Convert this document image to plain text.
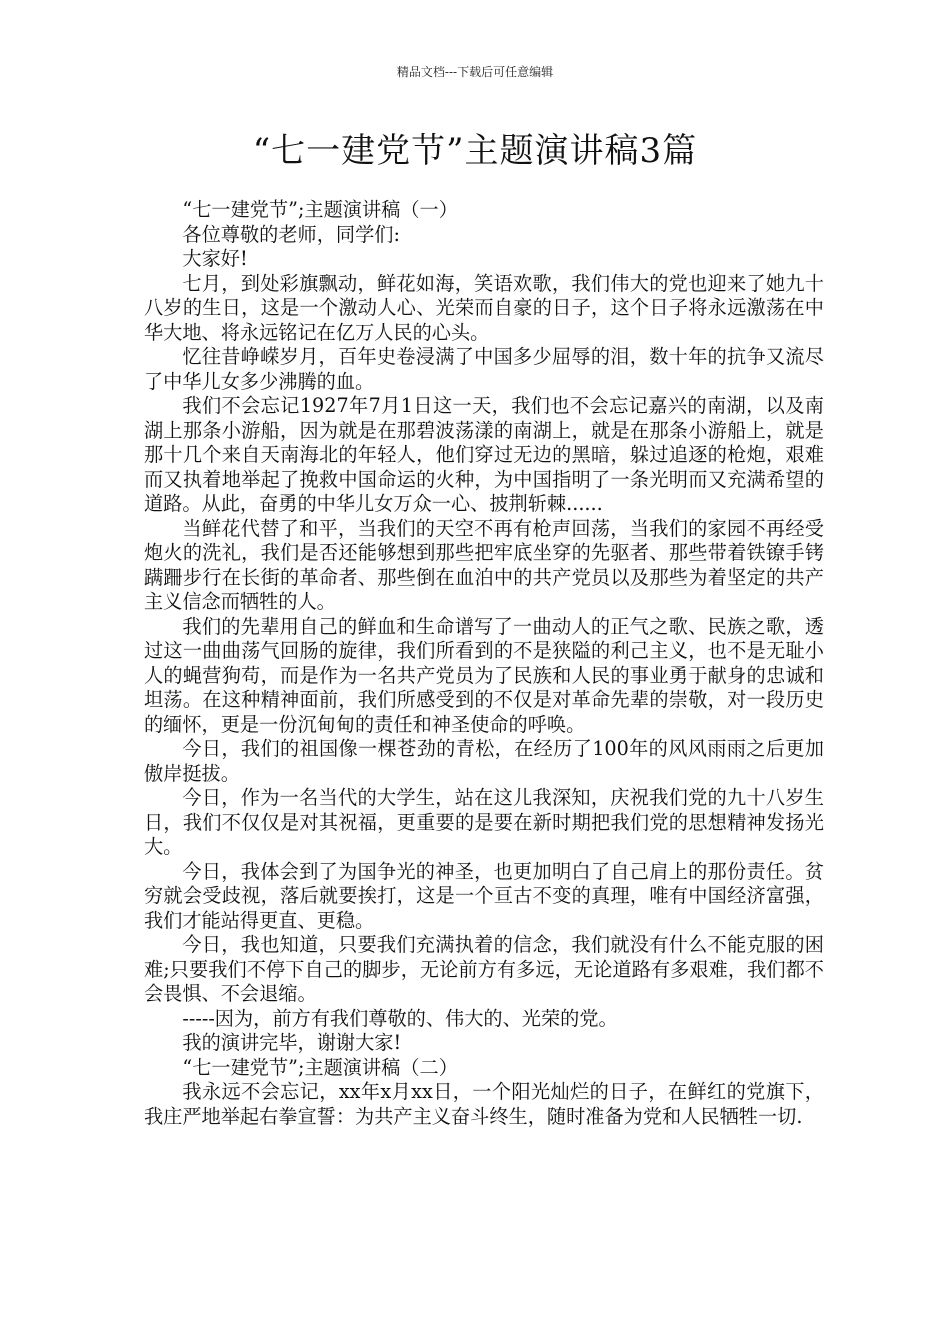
精品文档---下载后可任意编辑
“七一建党节”主题演讲稿3篇

“七一建党节”;主题演讲稿（一）

各位尊敬的老师，同学们:

大家好!

七月，到处彩旗飘动，鲜花如海，笑语欢歌，我们伟大的党也迎来了她九十八岁的生日，这是一个激动人心、光荣而自豪的日子，这个日子将永远激荡在中华大地、将永远铭记在亿万人民的心头。

忆往昔峥嵘岁月，百年史卷浸满了中国多少屈辱的泪，数十年的抗争又流尽了中华儿女多少沸腾的血。

我们不会忘记1927年7月1日这一天，我们也不会忘记嘉兴的南湖，以及南湖上那条小游船，因为就是在那碧波荡漾的南湖上，就是在那条小游船上，就是那十几个来自天南海北的年轻人，他们穿过无边的黑暗，躲过追逐的枪炮，艰难而又执着地举起了挽救中国命运的火种，为中国指明了一条光明而又充满希望的道路。从此，奋勇的中华儿女万众一心、披荆斩棘......

当鲜花代替了和平，当我们的天空不再有枪声回荡，当我们的家园不再经受炮火的洗礼，我们是否还能够想到那些把牢底坐穿的先驱者、那些带着铁镣手铐蹒跚步行在长街的革命者、那些倒在血泊中的共产党员以及那些为着坚定的共产主义信念而牺牲的人。

我们的先辈用自己的鲜血和生命谱写了一曲动人的正气之歌、民族之歌，透过这一曲曲荡气回肠的旋律，我们所看到的不是狭隘的利己主义，也不是无耻小人的蝇营狗苟，而是作为一名共产党员为了民族和人民的事业勇于献身的忠诚和坦荡。在这种精神面前，我们所感受到的不仅是对革命先辈的崇敬，对一段历史的缅怀，更是一份沉甸甸的责任和神圣使命的呼唤。

今日，我们的祖国像一棵苍劲的青松，在经历了100年的风风雨雨之后更加傲岸挺拔。

今日，作为一名当代的大学生，站在这儿我深知，庆祝我们党的九十八岁生日，我们不仅仅是对其祝福，更重要的是要在新时期把我们党的思想精神发扬光大。

今日，我体会到了为国争光的神圣，也更加明白了自己肩上的那份责任。贫穷就会受歧视，落后就要挨打，这是一个亘古不变的真理，唯有中国经济富强，我们才能站得更直、更稳。

今日，我也知道，只要我们充满执着的信念，我们就没有什么不能克服的困难;只要我们不停下自己的脚步，无论前方有多远，无论道路有多艰难，我们都不会畏惧、不会退缩。

-----因为，前方有我们尊敬的、伟大的、光荣的党。

我的演讲完毕，谢谢大家!

“七一建党节”;主题演讲稿（二）

我永远不会忘记，xx年x月xx日，一个阳光灿烂的日子，在鲜红的党旗下，我庄严地举起右拳宣誓：为共产主义奋斗终生，随时准备为党和人民牺牲一切.
